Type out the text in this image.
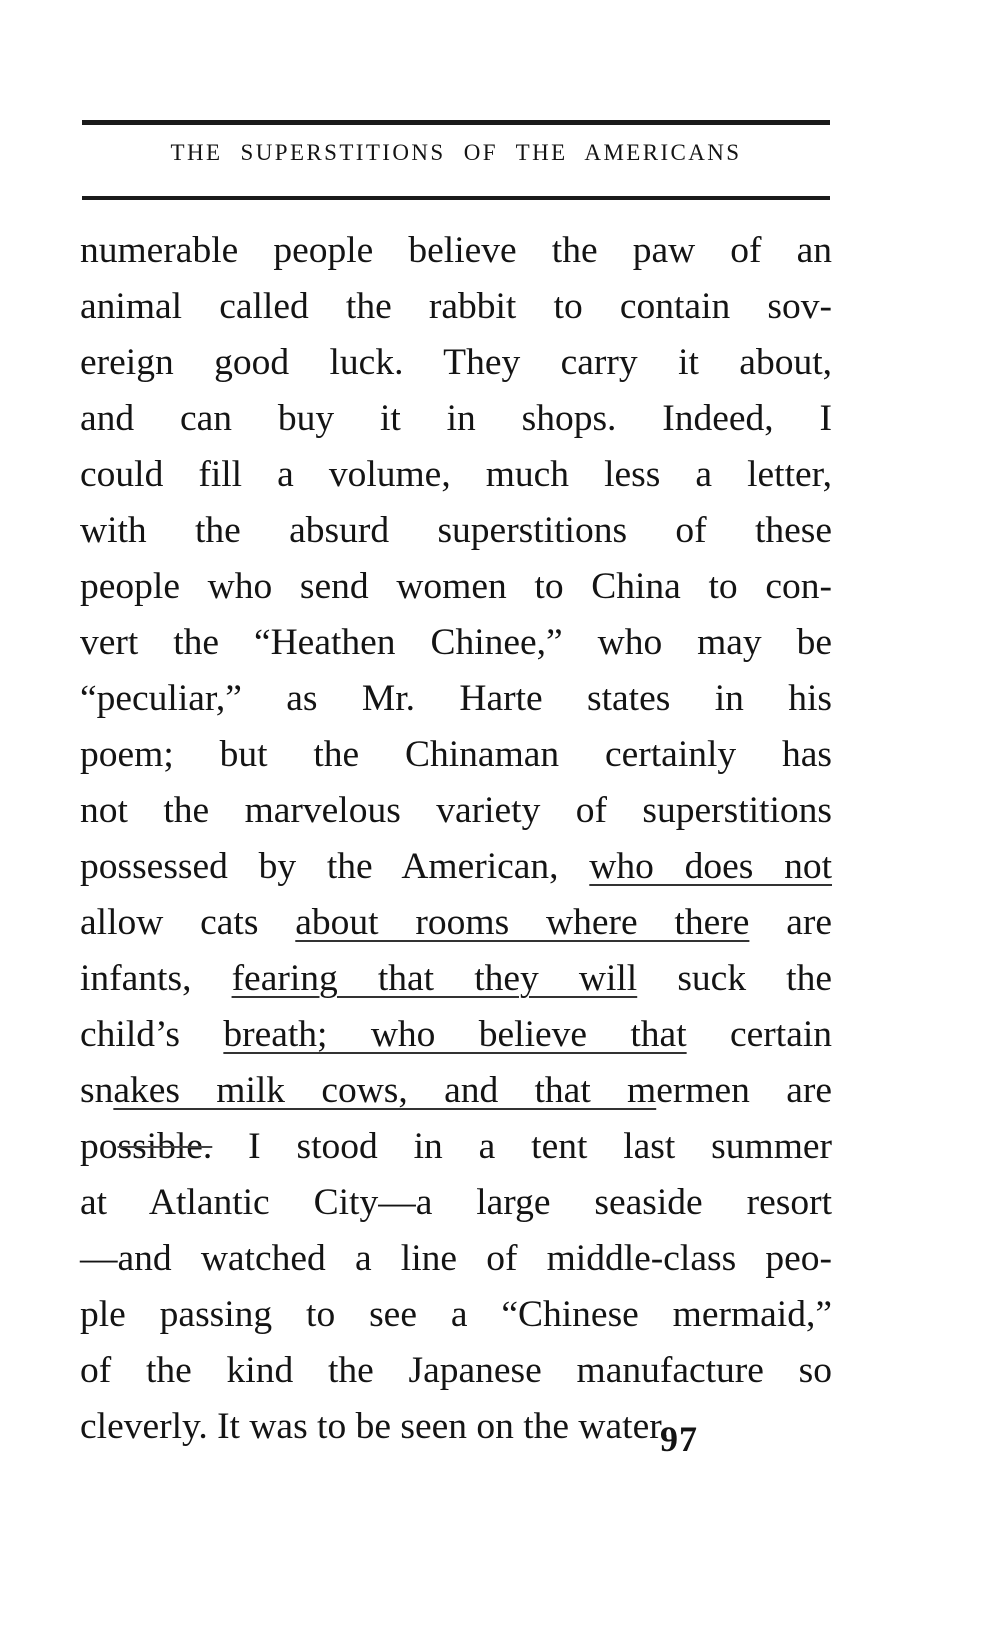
THE SUPERSTITIONS OF THE AMERICANS
numerable people believe the paw of an
animal called the rabbit to contain sov-
ereign good luck. They carry it about,
and can buy it in shops. Indeed, I
could fill a volume, much less a letter,
with the absurd superstitions of these
people who send women to China to con-
vert the “Heathen Chinee,” who may be
“peculiar,” as Mr. Harte states in his
poem; but the Chinaman certainly has
not the marvelous variety of superstitions
possessed by the American, who does not
allow cats about rooms where there are
infants, fearing that they will suck the
child’s breath; who believe that certain
snakes milk cows, and that mermen are
possible. I stood in a tent last summer
at Atlantic City—a large seaside resort
—and watched a line of middle-class peo-
ple passing to see a “Chinese mermaid,”
of the kind the Japanese manufacture so
cleverly. It was to be seen on the water.
97
